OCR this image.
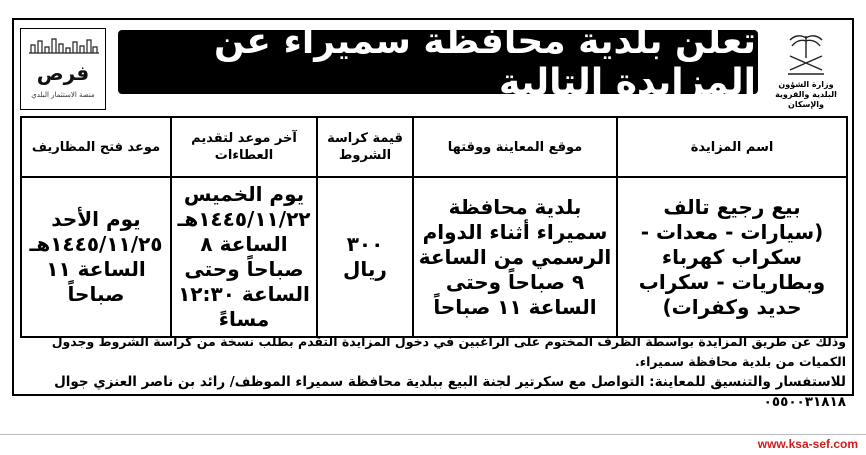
فرص
منصة الاستثمار البلدي
تعلن بلدية محافظة سميراء عن المزايدة التالية	وزارة الشؤون البلدية والقروية والإسكان
اسم المزايدة	موقع المعاينة ووقتها	قيمة كراسة الشروط	آخر موعد لتقديم العطاءات	موعد فتح المظاريف
بيع رجيع تالف (سيارات - معدات - سكراب كهرباء وبطاريات - سكراب حديد وكفرات)	بلدية محافظة سميراء أثناء الدوام الرسمي من الساعة ٩ صباحاً وحتى الساعة ١١ صباحاً	٣٠٠ ريال	يوم الخميس ١٤٤٥/١١/٢٢هـ الساعة ٨ صباحاً وحتى الساعة ١٢:٣٠ مساءً	يوم الأحد ١٤٤٥/١١/٢٥هـ الساعة ١١ صباحاً

وذلك عن طريق المزايدة بواسطة الظرف المختوم على الراغبين في دخول المزايدة التقدم بطلب نسخة من كراسة الشروط وجدول الكميات من بلدية محافظة سميراء.

للاستفسار والتنسيق للمعاينة: التواصل مع سكرتير لجنة البيع ببلدية محافظة سميراء الموظف/ رائد بن ناصر العنزي جوال ٠٥٥٠٠٣١٨١٨

www.ksa-sef.com
